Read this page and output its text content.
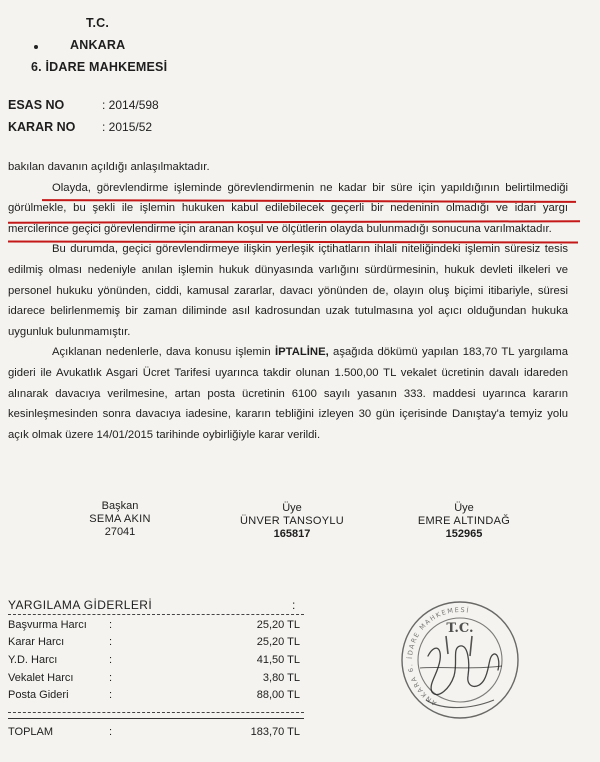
T.C.
ANKARA
6. İDARE MAHKEMESİ
ESAS NO	: 2014/598
KARAR NO : 2015/52

bakılan davanın açıldığı anlaşılmaktadır.

Olayda, görevlendirme işleminde görevlendirmenin ne kadar bir süre için yapıldığının belirtilmediği görülmekle, bu şekli ile işlemin hukuken kabul edilebilecek geçerli bir nedeninin olmadığı ve idari yargı mercilerince geçici görevlendirme için aranan koşul ve ölçütlerin olayda bulunmadığı sonucuna varılmaktadır.

Bu durumda, geçici görevlendirmeye ilişkin yerleşik içtihatların ihlali niteliğindeki işlemin süresiz tesis edilmiş olması nedeniyle anılan işlemin hukuk dünyasında varlığını sürdürmesinin, hukuk devleti ilkeleri ve personel hukuku yönünden, ciddi, kamusal zararlar, davacı yönünden de, olayın oluş biçimi itibariyle, süresi idarece belirlenmemiş bir zaman diliminde asıl kadrosundan uzak tutulmasına yol açıcı olduğundan hukuka uygunluk bulunmamıştır.

Açıklanan nedenlerle, dava konusu işlemin İPTALİNE, aşağıda dökümü yapılan 183,70 TL yargılama gideri ile Avukatlık Asgari Ücret Tarifesi uyarınca takdir olunan 1.500,00 TL vekalet ücretinin davalı idareden alınarak davacıya verilmesine, artan posta ücretinin 6100 sayılı yasanın 333. maddesi uyarınca kararın kesinleşmesinden sonra davacıya iadesine, kararın tebliğini izleyen 30 gün içerisinde Danıştay'a temyiz yolu açık olmak üzere 14/01/2015 tarihinde oybirliğiyle karar verildi.

Başkan
SEMA AKIN
27041
Üye
ÜNVER TANSOYLU
165817
Üye
EMRE ALTINDAĞ
152965
YARGILAMA GİDERLERİ	:
Başvurma Harcı :	25,20 TL
Karar Harcı	:	25,20 TL
Y.D. Harcı	:	41,50 TL
Vekalet Harcı	:	3,80 TL
Posta Gideri	:	88,00 TL
TOPLAM	:	183,70 TL
T.C.
ANKARA 6. İDARE MAHKEMESİ
